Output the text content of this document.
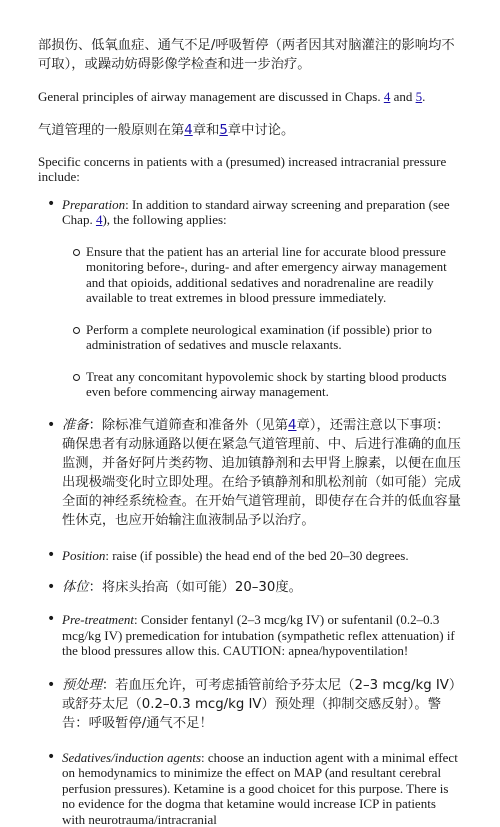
部损伤、低氧血症、通气不足/呼吸暂停（两者因其对脑灌注的影响均不可取），或躁动妨碍影像学检查和进一步治疗。

General principles of airway management are discussed in Chaps. 4 and 5.

气道管理的一般原则在第4章和5章中讨论。

Specific concerns in patients with a (presumed) increased intracranial pressure include:

• Preparation: In addition to standard airway screening and preparation (see Chap. 4), the following applies:
Ensure that the patient has an arterial line for accurate blood pressure monitoring before-, during- and after emergency airway management and that opioids, additional sedatives and noradrenaline are readily available to treat extremes in blood pressure immediately.
Perform a complete neurological examination (if possible) prior to administration of sedatives and muscle relaxants.
Treat any concomitant hypovolemic shock by starting blood products even before commencing airway management.
• 准备：除标准气道筛查和准备外（见第4章），还需注意以下事项：确保患者有动脉通路以便在紧急气道管理前、中、后进行准确的血压监测，并备好阿片类药物、追加镇静剂和去甲肾上腺素，以便在血压出现极端变化时立即处理。在给予镇静剂和肌松剂前（如可能）完成全面的神经系统检查。在开始气道管理前，即使存在合并的低血容量性休克，也应开始输注血液制品予以治疗。
• Position: raise (if possible) the head end of the bed 20–30 degrees.
• 体位：将床头抬高（如可能）20–30度。
• Pre-treatment: Consider fentanyl (2–3 mcg/kg IV) or sufentanil (0.2–0.3 mcg/kg IV) premedication for intubation (sympathetic reflex attenuation) if the blood pressures allow this. CAUTION: apnea/hypoventilation!
• 预处理：若血压允许，可考虑插管前给予芬太尼（2–3 mcg/kg IV）或舒芬太尼（0.2–0.3 mcg/kg IV）预处理（抑制交感反射）。警告：呼吸暂停/通气不足！
• Sedatives/induction agents: choose an induction agent with a minimal effect on hemodynamics to minimize the effect on MAP (and resultant cerebral perfusion pressures). Ketamine is a good choicet for this purpose. There is no evidence for the dogma that ketamine would increase ICP in patients with neurotrauma/intracranial
